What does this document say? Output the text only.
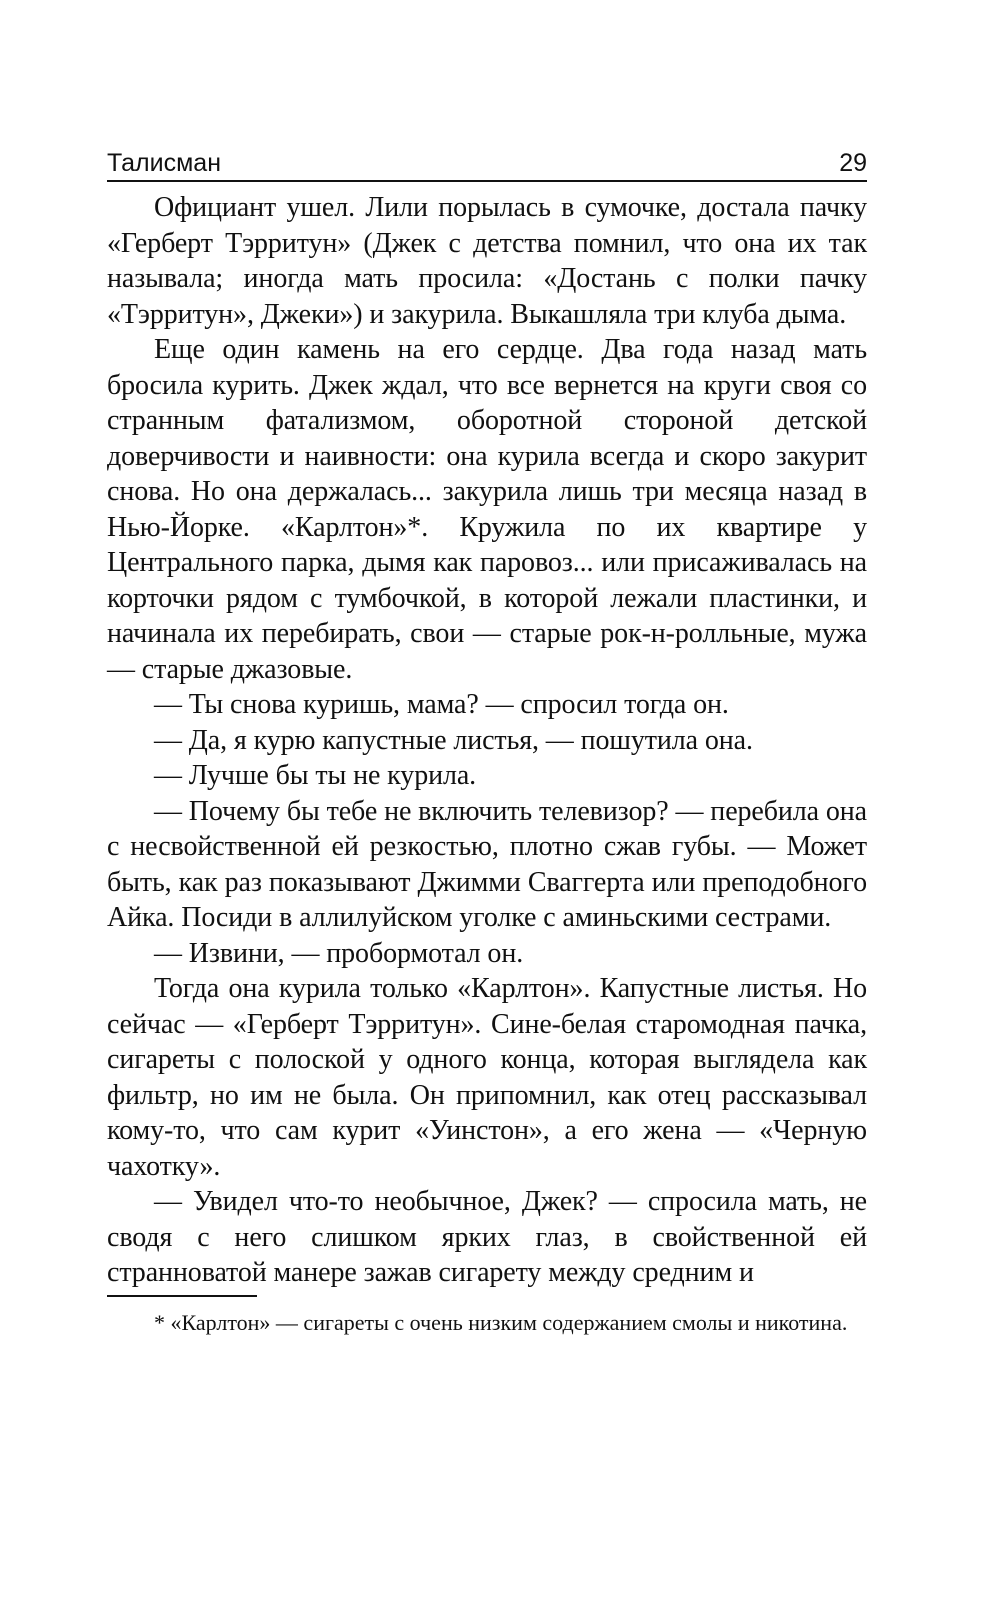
Талисман	29

Официант ушел. Лили порылась в сумочке, достала пачку «Герберт Тэрритун» (Джек с детства помнил, что она их так называла; иногда мать просила: «Достань с полки пачку «Тэрритун», Джеки») и закурила. Выкашляла три клуба дыма.

Еще один камень на его сердце. Два года назад мать бросила курить. Джек ждал, что все вернется на круги своя со странным фатализмом, оборотной стороной детской доверчивости и наивности: она курила всегда и скоро закурит снова. Но она держалась... закурила лишь три месяца назад в Нью-Йорке. «Карлтон»*. Кружила по их квартире у Центрального парка, дымя как паровоз... или присаживалась на корточки рядом с тумбочкой, в которой лежали пластинки, и начинала их перебирать, свои — старые рок-н-ролльные, мужа — старые джазовые.

— Ты снова куришь, мама? — спросил тогда он.

— Да, я курю капустные листья, — пошутила она.

— Лучше бы ты не курила.

— Почему бы тебе не включить телевизор? — перебила она с несвойственной ей резкостью, плотно сжав губы. — Может быть, как раз показывают Джимми Сваггерта или преподобного Айка. Посиди в аллилуйском уголке с аминьскими сестрами.

— Извини, — пробормотал он.

Тогда она курила только «Карлтон». Капустные листья. Но сейчас — «Герберт Тэрритун». Сине-белая старомодная пачка, сигареты с полоской у одного конца, которая выглядела как фильтр, но им не была. Он припомнил, как отец рассказывал кому-то, что сам курит «Уинстон», а его жена — «Черную чахотку».

— Увидел что-то необычное, Джек? — спросила мать, не сводя с него слишком ярких глаз, в свойственной ей странноватой манере зажав сигарету между средним и

* «Карлтон» — сигареты с очень низким содержанием смолы и никотина.
